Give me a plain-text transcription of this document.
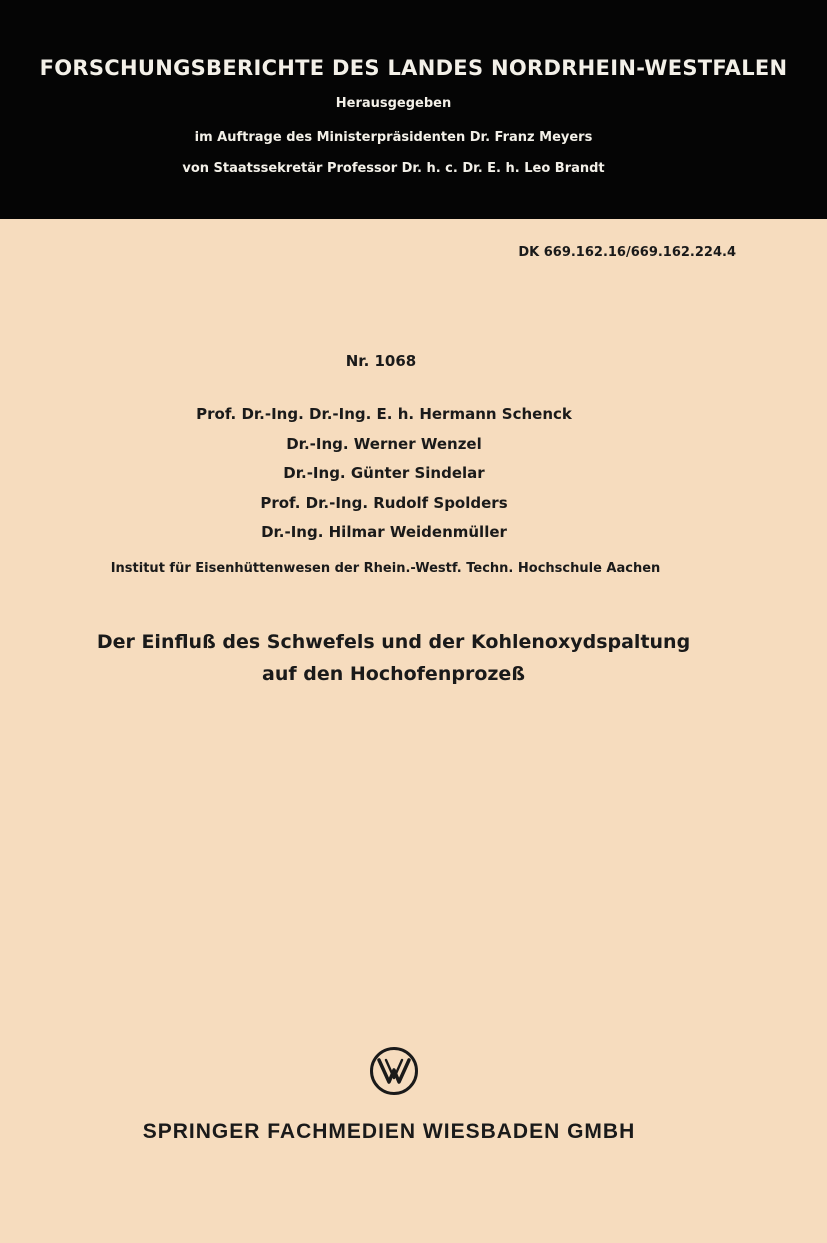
FORSCHUNGSBERICHTE DES LANDES NORDRHEIN-WESTFALEN
Herausgegeben
im Auftrage des Ministerpräsidenten Dr. Franz Meyers
von Staatssekretär Professor Dr. h. c. Dr. E. h. Leo Brandt
DK 669.162.16/669.162.224.4
Nr. 1068
Prof. Dr.-Ing. Dr.-Ing. E. h. Hermann Schenck
Dr.-Ing. Werner Wenzel
Dr.-Ing. Günter Sindelar
Prof. Dr.-Ing. Rudolf Spolders
Dr.-Ing. Hilmar Weidenmüller
Institut für Eisenhüttenwesen der Rhein.-Westf. Techn. Hochschule Aachen
Der Einfluß des Schwefels und der Kohlenoxydspaltung
auf den Hochofenprozeß
SPRINGER FACHMEDIEN WIESBADEN GMBH
